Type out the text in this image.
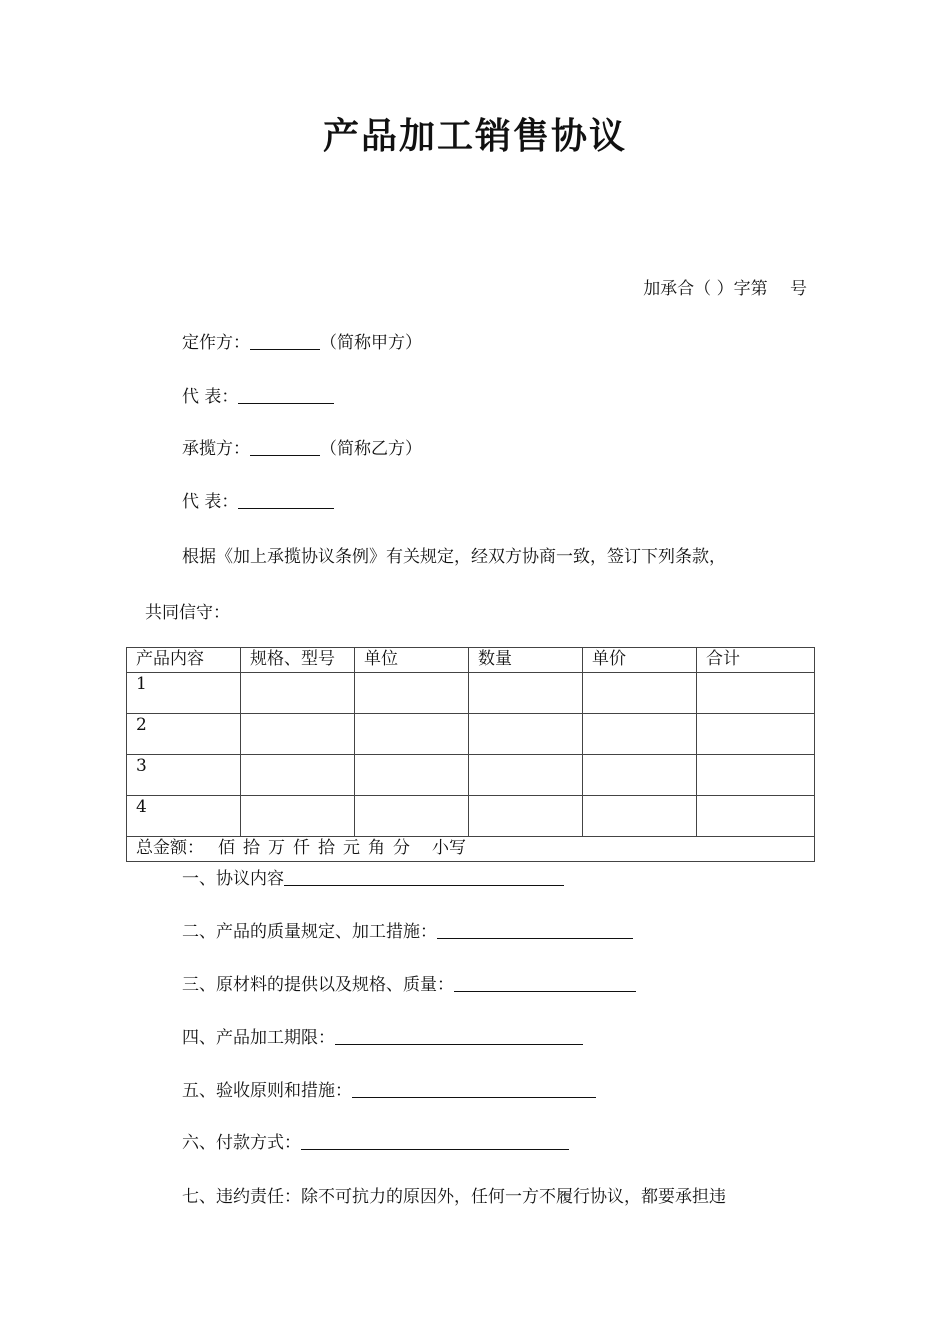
产品加工销售协议
加承合（ ）字第　 号
定作方：	（简称甲方）
代 表：
承揽方：	（简称乙方）
代 表：
根据《加上承揽协议条例》有关规定，经双方协商一致，签订下列条款，
共同信守：
产品内容	规格、型号	单位	数量	单价	合计
1					
2					
3					
4					
总金额： 佰拾万仟拾元角分 小写					
一、协议内容
二、产品的质量规定、加工措施：
三、原材料的提供以及规格、质量：
四、产品加工期限：
五、验收原则和措施：
六、付款方式：
七、违约责任：除不可抗力的原因外，任何一方不履行协议，都要承担违
